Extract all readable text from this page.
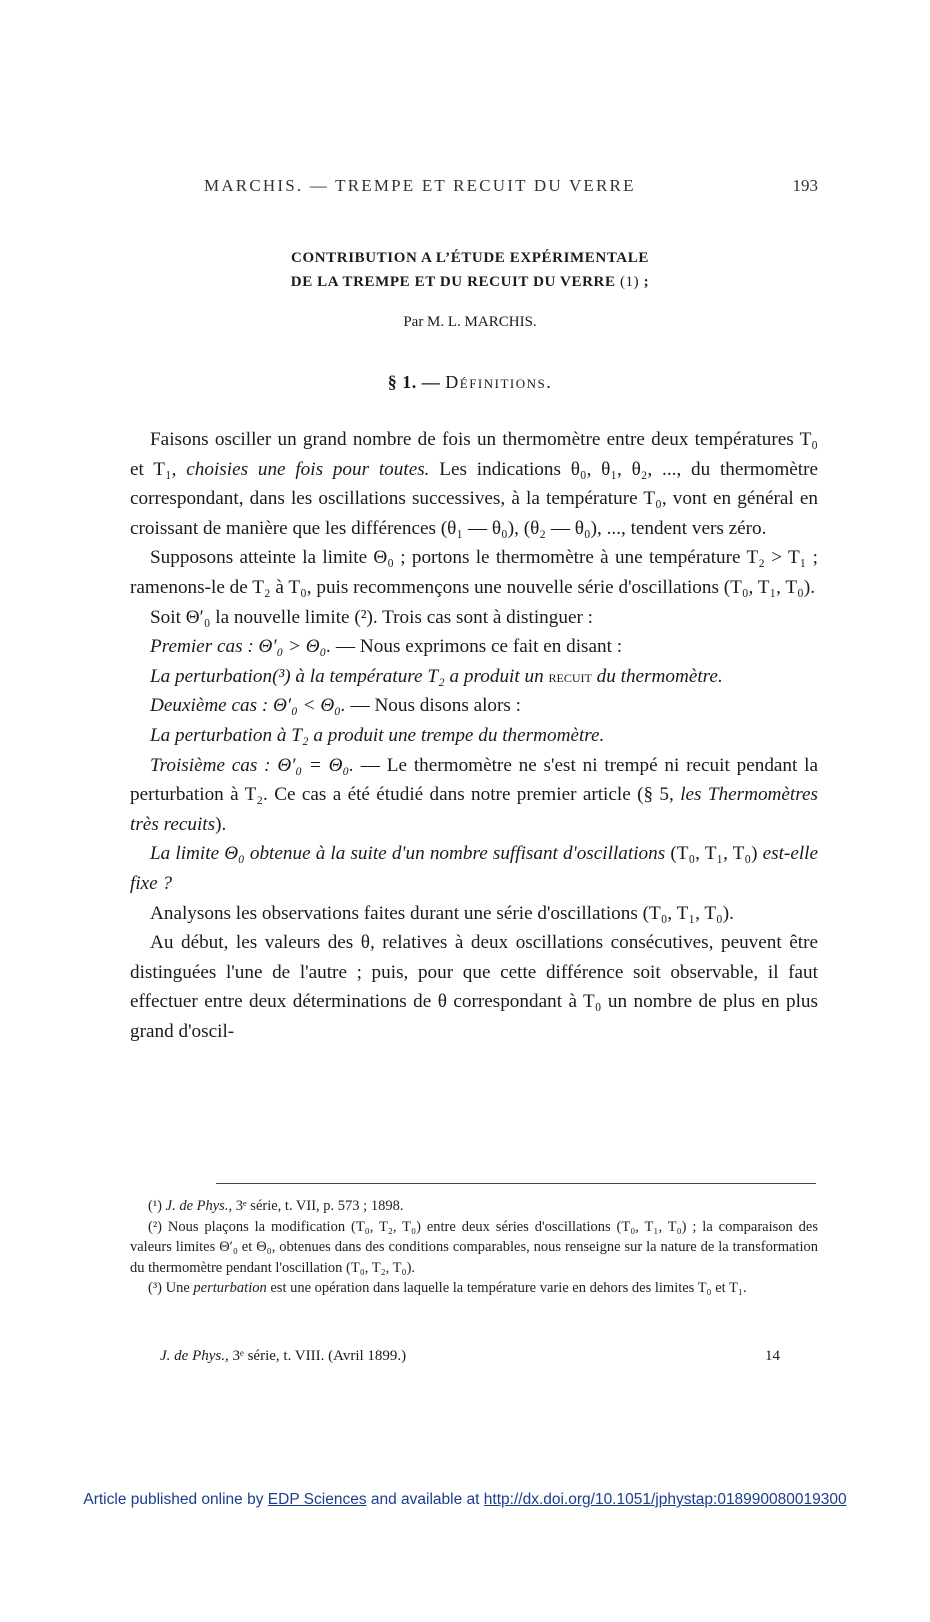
MARCHIS. — TREMPE ET RECUIT DU VERRE	193
CONTRIBUTION A L’ÉTUDE EXPÉRIMENTALE
DE LA TREMPE ET DU RECUIT DU VERRE (1) ;
Par M. L. MARCHIS.
§ 1. — Définitions.

Faisons osciller un grand nombre de fois un thermomètre entre deux températures T₀ et T₁, choisies une fois pour toutes. Les indications θ₀, θ₁, θ₂, ..., du thermomètre correspondant, dans les oscillations successives, à la température T₀, vont en général en croissant de manière que les différences (θ₁ — θ₀), (θ₂ — θ₀), ..., tendent vers zéro.

Supposons atteinte la limite Θ₀ ; portons le thermomètre à une température T₂ > T₁ ; ramenons-le de T₂ à T₀, puis recommençons une nouvelle série d'oscillations (T₀, T₁, T₀).

Soit Θ′₀ la nouvelle limite (²). Trois cas sont à distinguer :

Premier cas : Θ′₀ > Θ₀. — Nous exprimons ce fait en disant :

La perturbation(³) à la température T₂ a produit un recuit du thermomètre.

Deuxième cas : Θ′₀ < Θ₀. — Nous disons alors :

La perturbation à T₂ a produit une trempe du thermomètre.

Troisième cas : Θ′₀ = Θ₀. — Le thermomètre ne s'est ni trempé ni recuit pendant la perturbation à T₂. Ce cas a été étudié dans notre premier article (§ 5, les Thermomètres très recuits).

La limite Θ₀ obtenue à la suite d'un nombre suffisant d'oscillations (T₀, T₁, T₀) est-elle fixe ?

Analysons les observations faites durant une série d'oscillations (T₀, T₁, T₀).

Au début, les valeurs des θ, relatives à deux oscillations consécutives, peuvent être distinguées l'une de l'autre ; puis, pour que cette différence soit observable, il faut effectuer entre deux déterminations de θ correspondant à T₀ un nombre de plus en plus grand d'oscil-

(¹) J. de Phys., 3ᵉ série, t. VII, p. 573 ; 1898.

(²) Nous plaçons la modification (T₀, T₂, T₀) entre deux séries d'oscillations (T₀, T₁, T₀) ; la comparaison des valeurs limites Θ′₀ et Θ₀, obtenues dans des conditions comparables, nous renseigne sur la nature de la transformation du thermomètre pendant l'oscillation (T₀, T₂, T₀).

(³) Une perturbation est une opération dans laquelle la température varie en dehors des limites T₀ et T₁.

J. de Phys., 3ᵉ série, t. VIII. (Avril 1899.)	14
Article published online by EDP Sciences and available at http://dx.doi.org/10.1051/jphystap:018990080019300
